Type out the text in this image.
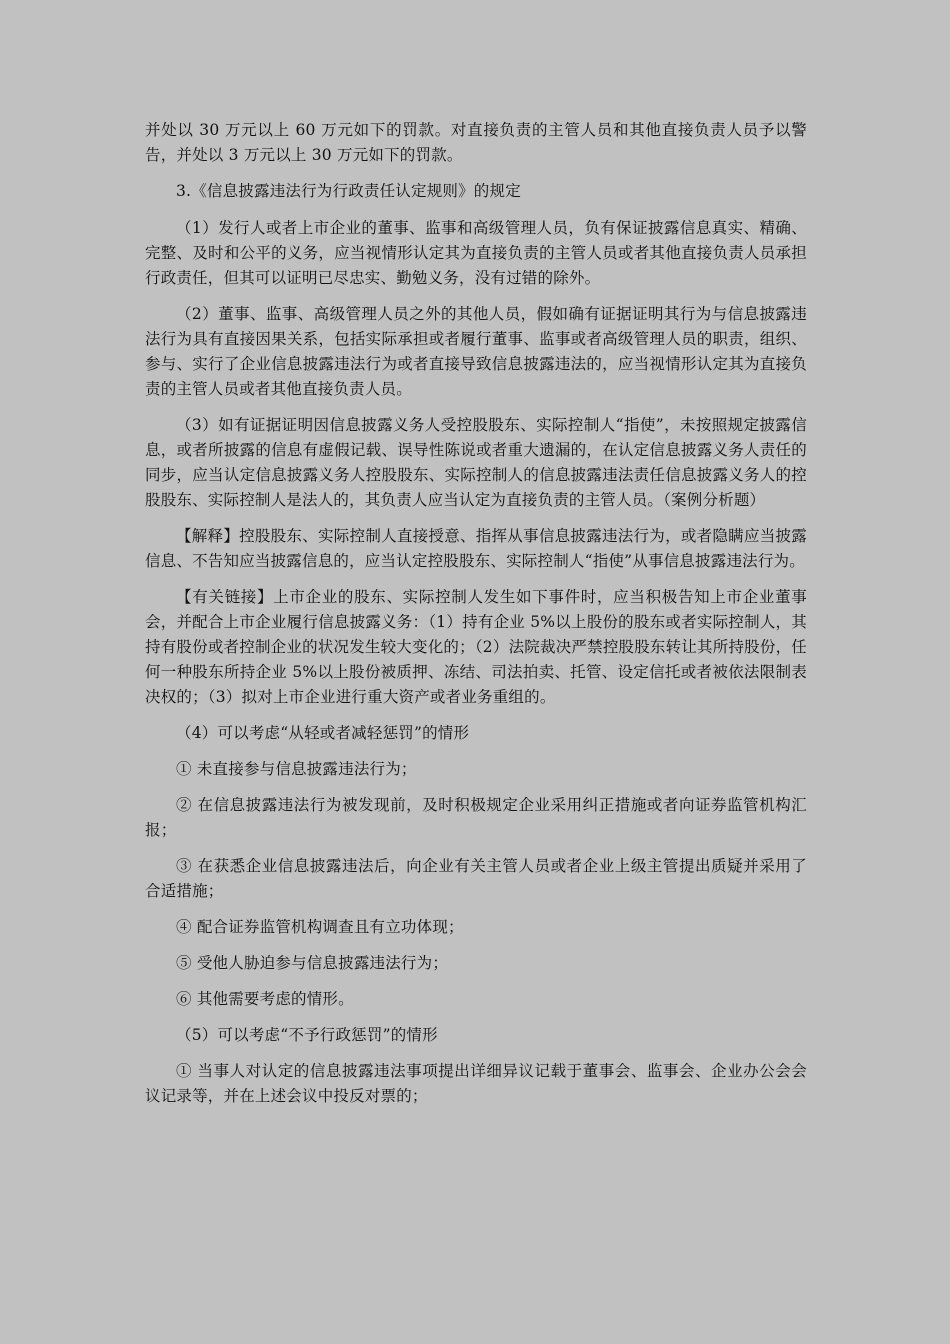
并处以 30 万元以上 60 万元如下的罚款。对直接负责的主管人员和其他直接负责人员予以警告，并处以 3 万元以上 30 万元如下的罚款。

3.《信息披露违法行为行政责任认定规则》的规定

（1）发行人或者上市企业的董事、监事和高级管理人员，负有保证披露信息真实、精确、完整、及时和公平的义务，应当视情形认定其为直接负责的主管人员或者其他直接负责人员承担行政责任，但其可以证明已尽忠实、勤勉义务，没有过错的除外。

（2）董事、监事、高级管理人员之外的其他人员，假如确有证据证明其行为与信息披露违法行为具有直接因果关系，包括实际承担或者履行董事、监事或者高级管理人员的职责，组织、参与、实行了企业信息披露违法行为或者直接导致信息披露违法的，应当视情形认定其为直接负责的主管人员或者其他直接负责人员。

（3）如有证据证明因信息披露义务人受控股股东、实际控制人“指使”，未按照规定披露信息，或者所披露的信息有虚假记载、误导性陈说或者重大遗漏的，在认定信息披露义务人责任的同步，应当认定信息披露义务人控股股东、实际控制人的信息披露违法责任信息披露义务人的控股股东、实际控制人是法人的，其负责人应当认定为直接负责的主管人员。（案例分析题）

【解释】控股股东、实际控制人直接授意、指挥从事信息披露违法行为，或者隐瞒应当披露信息、不告知应当披露信息的，应当认定控股股东、实际控制人“指使”从事信息披露违法行为。

【有关链接】上市企业的股东、实际控制人发生如下事件时，应当积极告知上市企业董事会，并配合上市企业履行信息披露义务：（1）持有企业 5%以上股份的股东或者实际控制人，其持有股份或者控制企业的状况发生较大变化的；（2）法院裁决严禁控股股东转让其所持股份，任何一种股东所持企业 5%以上股份被质押、冻结、司法拍卖、托管、设定信托或者被依法限制表决权的；（3）拟对上市企业进行重大资产或者业务重组的。

（4）可以考虑“从轻或者减轻惩罚”的情形

① 未直接参与信息披露违法行为；

② 在信息披露违法行为被发现前，及时积极规定企业采用纠正措施或者向证券监管机构汇报；

③ 在获悉企业信息披露违法后，向企业有关主管人员或者企业上级主管提出质疑并采用了合适措施；

④ 配合证券监管机构调查且有立功体现；

⑤ 受他人胁迫参与信息披露违法行为；

⑥ 其他需要考虑的情形。

（5）可以考虑“不予行政惩罚”的情形

① 当事人对认定的信息披露违法事项提出详细异议记载于董事会、监事会、企业办公会会议记录等，并在上述会议中投反对票的；
